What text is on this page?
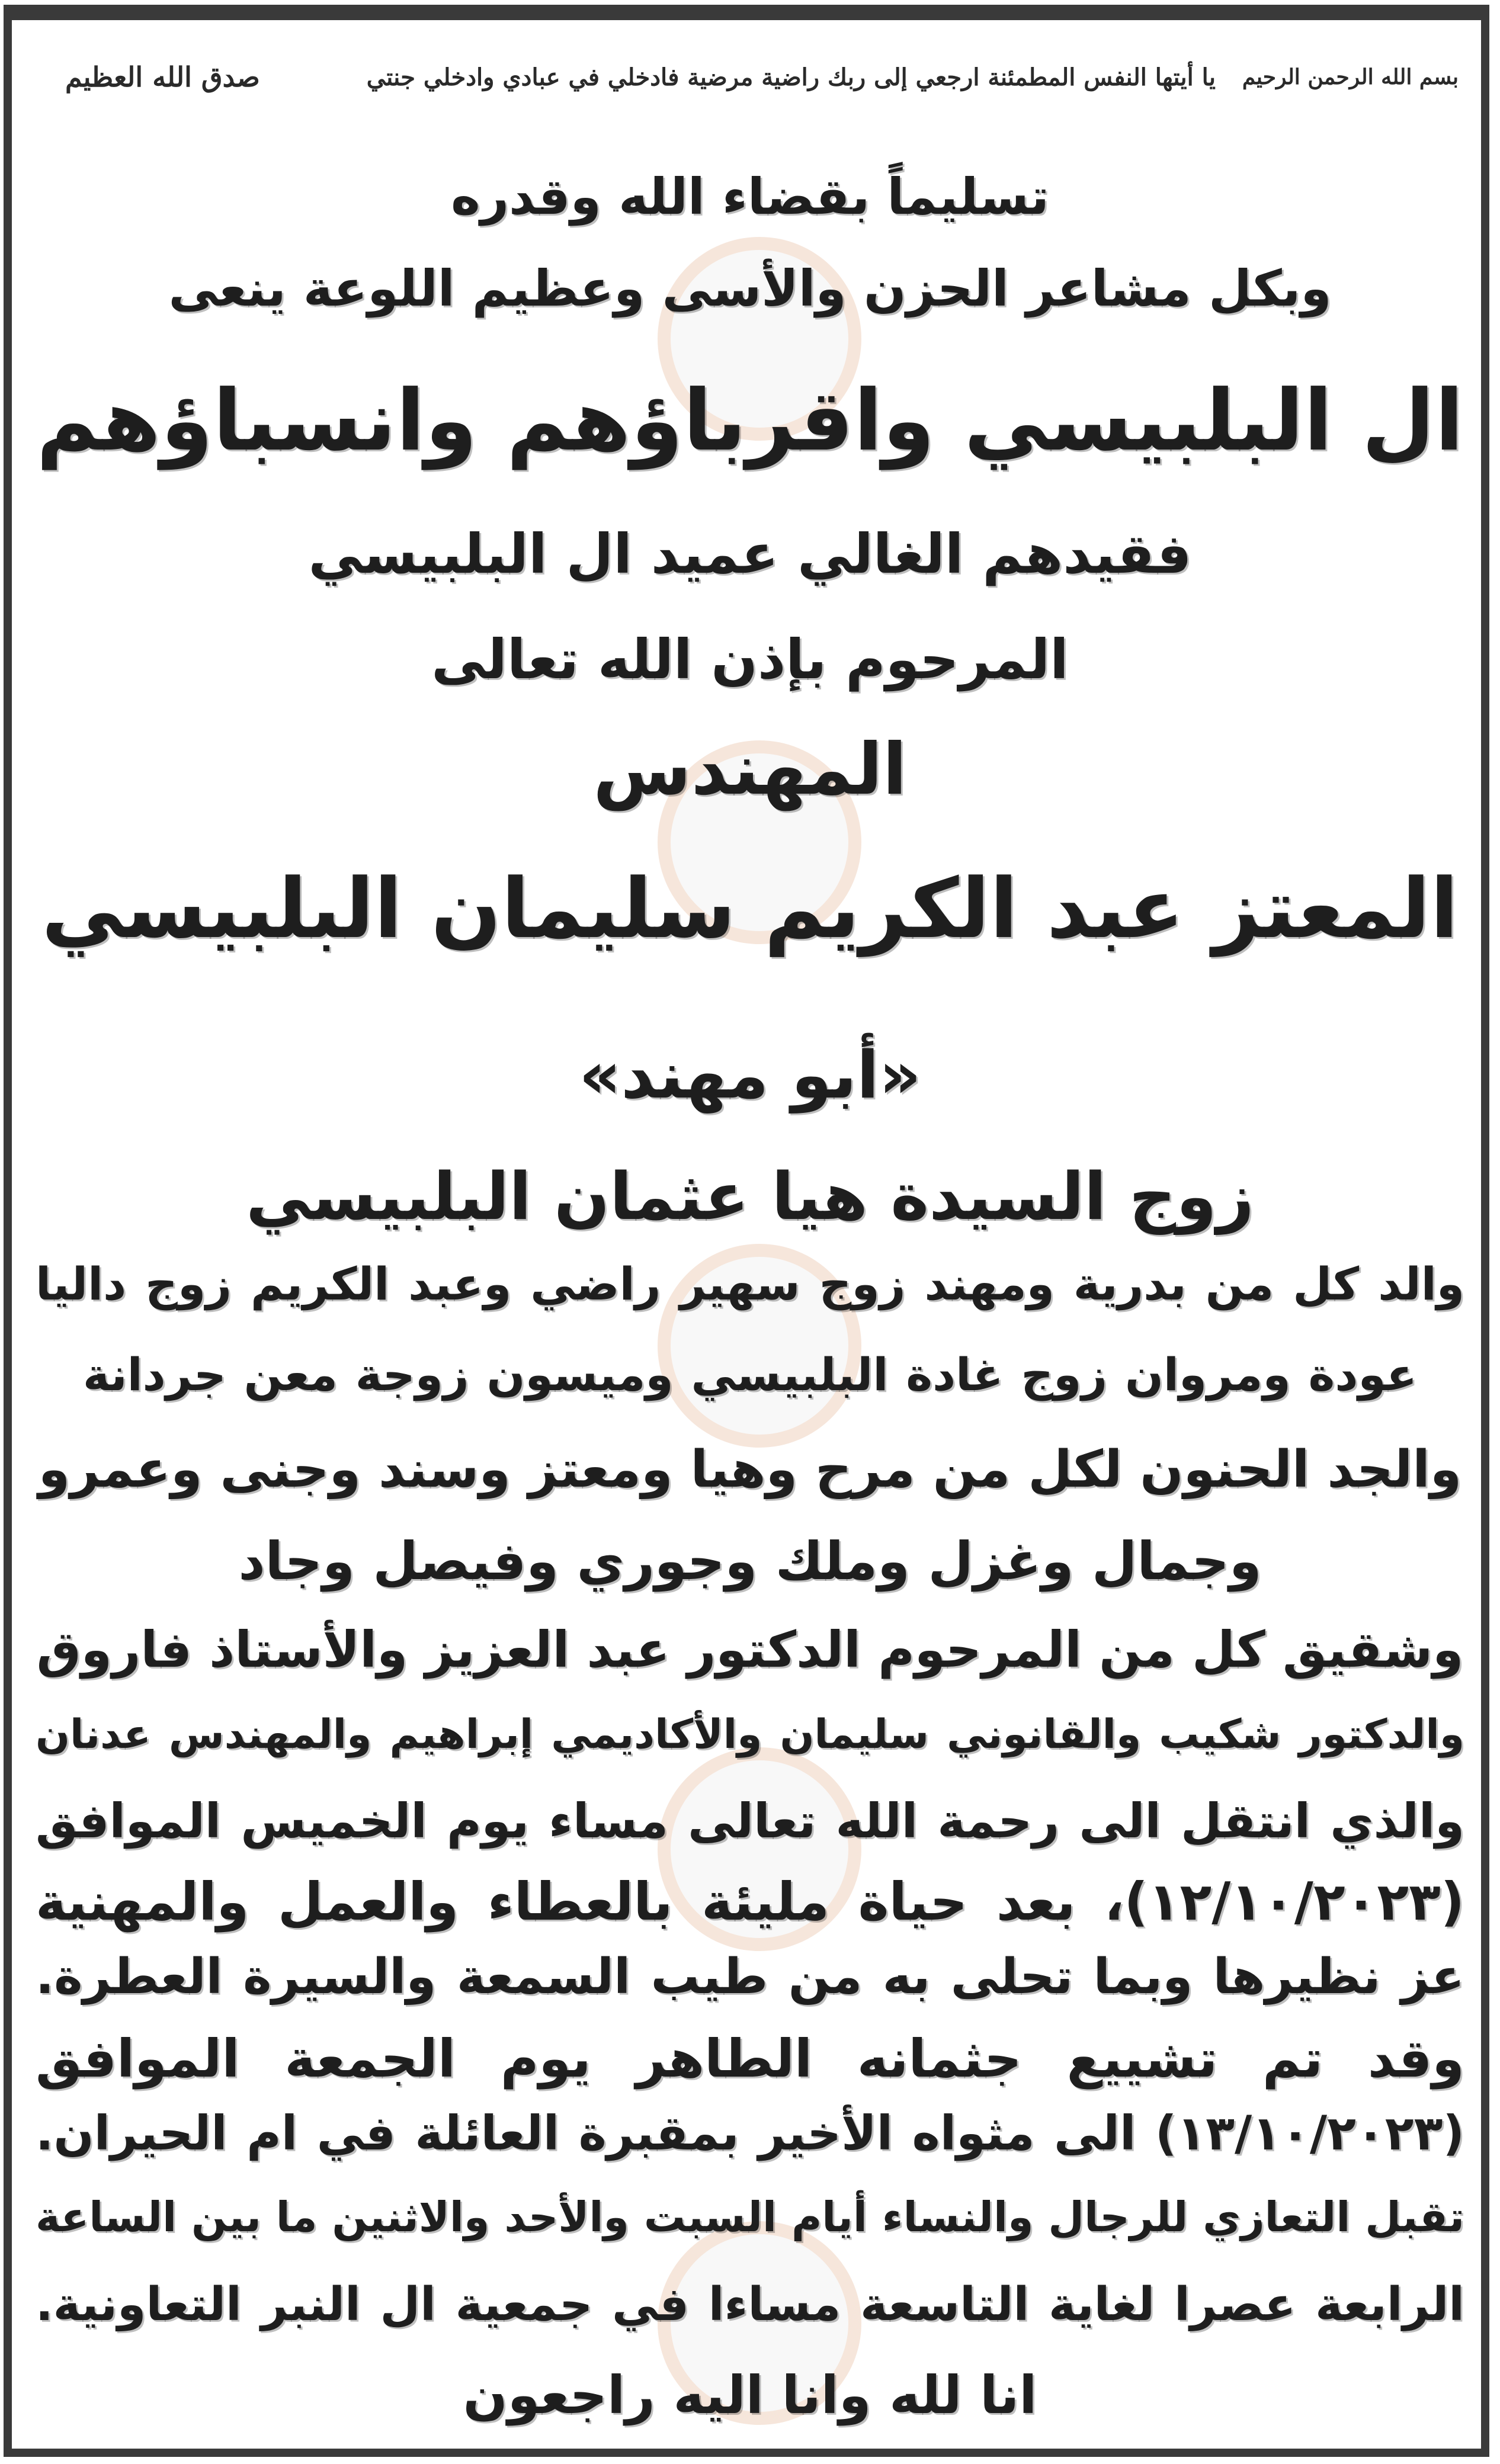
بسم الله الرحمن الرحيم
يا أيتها النفس المطمئنة ارجعي إلى ربك راضية مرضية فادخلي في عبادي وادخلي جنتي
صدق الله العظيم
تسليماً بقضاء الله وقدره
وبكل مشاعر الحزن والأسى وعظيم اللوعة ينعى
ال البلبيسي واقرباؤهم وانسباؤهم
فقيدهم الغالي عميد ال البلبيسي
المرحوم بإذن الله تعالى
المهندس
المعتز عبد الكريم سليمان البلبيسي
«أبو مهند»
زوج السيدة هيا عثمان البلبيسي
والد كل من بدرية ومهند زوج سهير راضي وعبد الكريم زوج داليا
عودة ومروان زوج غادة البلبيسي وميسون زوجة معن جردانة
والجد الحنون لكل من مرح وهيا ومعتز وسند وجنى وعمرو
وجمال وغزل وملك وجوري وفيصل وجاد
وشقيق كل من المرحوم الدكتور عبد العزيز والأستاذ فاروق
والدكتور شكيب والقانوني سليمان والأكاديمي إبراهيم والمهندس عدنان
والذي انتقل الى رحمة الله تعالى مساء يوم الخميس الموافق
(١٢/١٠/٢٠٢٣)، بعد حياة مليئة بالعطاء والعمل والمهنية
عز نظيرها وبما تحلى به من طيب السمعة والسيرة العطرة.
وقد تم تشييع جثمانه الطاهر يوم الجمعة الموافق
(١٣/١٠/٢٠٢٣) الى مثواه الأخير بمقبرة العائلة في ام الحيران.
تقبل التعازي للرجال والنساء أيام السبت والأحد والاثنين ما بين الساعة
الرابعة عصرا لغاية التاسعة مساءا في جمعية ال النبر التعاونية.
انا لله وانا اليه راجعون
